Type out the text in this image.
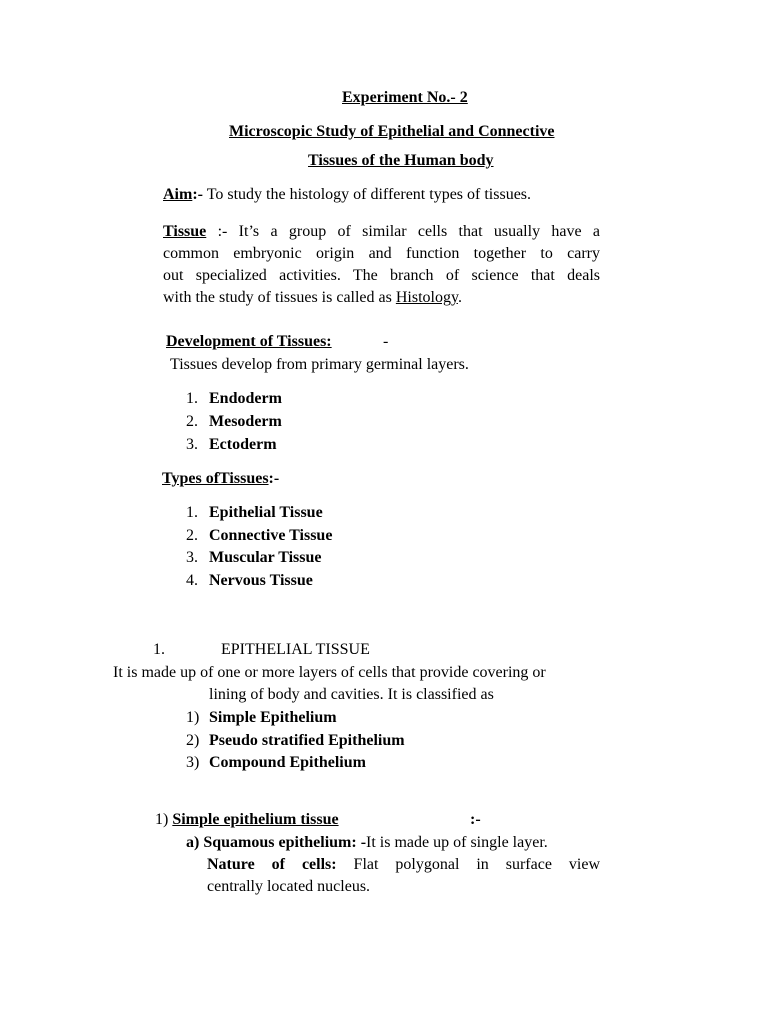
Experiment No.- 2
Microscopic Study of Epithelial and Connective
Tissues of the Human body
Aim:- To study the histology of different types of tissues.
Tissue :- It’s a group of similar cells that usually have a
common embryonic origin and function together to carry
out specialized activities. The branch of science that deals
with the study of tissues is called as Histology.
Development of Tissues:	-
Tissues develop from primary germinal layers.
1. Endoderm
2. Mesoderm
3. Ectoderm
Types ofTissues:-
1. Epithelial Tissue
2. Connective Tissue
3. Muscular Tissue
4. Nervous Tissue
1.	EPITHELIAL TISSUE
It is made up of one or more layers of cells that provide covering or
lining of body and cavities. It is classified as
1) Simple Epithelium
2) Pseudo stratified Epithelium
3) Compound Epithelium
1) Simple epithelium tissue	:-
a) Squamous epithelium: -It is made up of single layer.
Nature of cells: Flat polygonal in surface view
centrally located nucleus.
